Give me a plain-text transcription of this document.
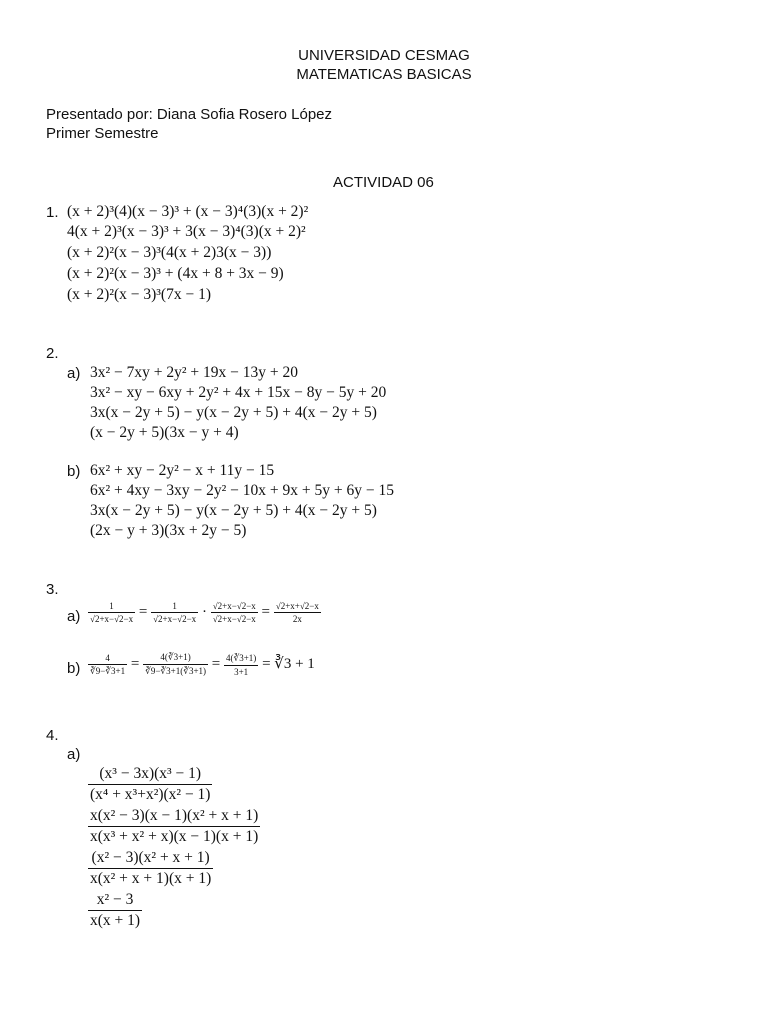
UNIVERSIDAD CESMAG
MATEMATICAS BASICAS
Presentado por: Diana Sofia Rosero López
Primer Semestre
ACTIVIDAD 06
1. (x + 2)³(4)(x − 3)³ + (x − 3)⁴(3)(x + 2)²
4(x + 2)³(x − 3)³ + 3(x − 3)⁴(3)(x + 2)²
(x + 2)²(x − 3)³(4(x + 2)3(x − 3))
(x + 2)²(x − 3)³ + (4x + 8 + 3x − 9)
(x + 2)²(x − 3)³(7x − 1)
2.
a) 3x² − 7xy + 2y² + 19x − 13y + 20
3x² − xy − 6xy + 2y² + 4x + 15x − 8y − 5y + 20
3x(x − 2y + 5) − y(x − 2y + 5) + 4(x − 2y + 5)
(x − 2y + 5)(3x − y + 4)
b) 6x² + xy − 2y² − x + 11y − 15
6x² + 4xy − 3xy − 2y² − 10x + 9x + 5y + 6y − 15
3x(x − 2y + 5) − y(x − 2y + 5) + 4(x − 2y + 5)
(2x − y + 3)(3x + 2y − 5)
3.
$a) \frac{1}{√2+x-√2-x} = \frac{1}{√2+x-√2-x} \cdot \frac{√2+x-√2-x}{√2+x-√2-x} = \frac{√2+x+√2-x}{2x}$
$b) \frac{4}{∛9-∛3+1} = \frac{4(∛3+1)}{∛9-∛3+1(∛3+1)} = \frac{4(∛3+1)}{3+1}$ = ∛3 + 1
4.
a)
$\frac{\text{(x³ − 3x)(x³ − 1)}}{\text{(x⁴ + x³+x²)(x² − 1)}}$
$\frac{\text{x(x² − 3)(x − 1)(x² + x + 1)}}{\text{x(x³ + x² + x)(x − 1)(x + 1)}}$
$\frac{\text{(x² − 3)(x² + x + 1)}}{\text{x(x² + x + 1)(x + 1)}}$
$\frac{\text{x² − 3}}{x(x + 1)}$
